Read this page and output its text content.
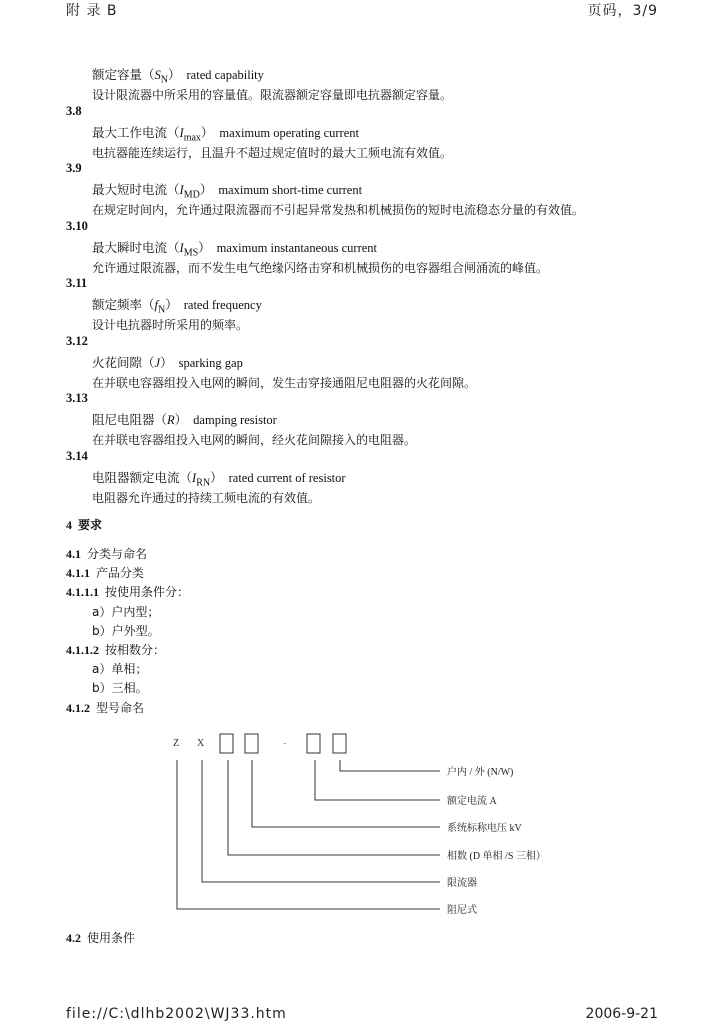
附 录 B	页码，3/9
额定容量$(S_N)$ rated capability
设计限流器中所采用的容量值。限流器额定容量即电抗器额定容量。
3.8
最大工作电流$(I_{max})$ maximum operating current
电抗器能连续运行，且温升不超过规定值时的最大工频电流有效值。
3.9
最大短时电流$(I_{MD})$ maximum short-time current
在规定时间内，允许通过限流器而不引起异常发热和机械损伤的短时电流稳态分量的有效值。
3.10
最大瞬时电流$(I_{MS})$ maximum instantaneous current
允许通过限流器，而不发生电气绝缘闪络击穿和机械损伤的电容器组合闸涌流的峰值。
3.11
额定频率$(f_N)$ rated frequency
设计电抗器时所采用的频率。
3.12
火花间隙（J） sparking gap
在并联电容器组投入电网的瞬间，发生击穿接通阻尼电阻器的火花间隙。
3.13
阻尼电阻器（R） damping resistor
在并联电容器组投入电网的瞬间，经火花间隙接入的电阻器。
3.14
电阻器额定电流$(I_{RN})$ rated current of resistor
电阻器允许通过的持续工频电流的有效值。
4 要求
4.1 分类与命名
4.1.1 产品分类
4.1.1.1 按使用条件分：
a）户内型；
b）户外型。
4.1.1.2 按相数分：
a）单相；
b）三相。
4.1.2 型号命名
Z X	-
户内 / 外 (N/W)
额定电流 A
系统标称电压 kV
相数 (D 单相 /S 三相）
限流器
阻尼式
4.2 使用条件
file://C:\dlhb2002\WJ33.htm	2006-9-21
